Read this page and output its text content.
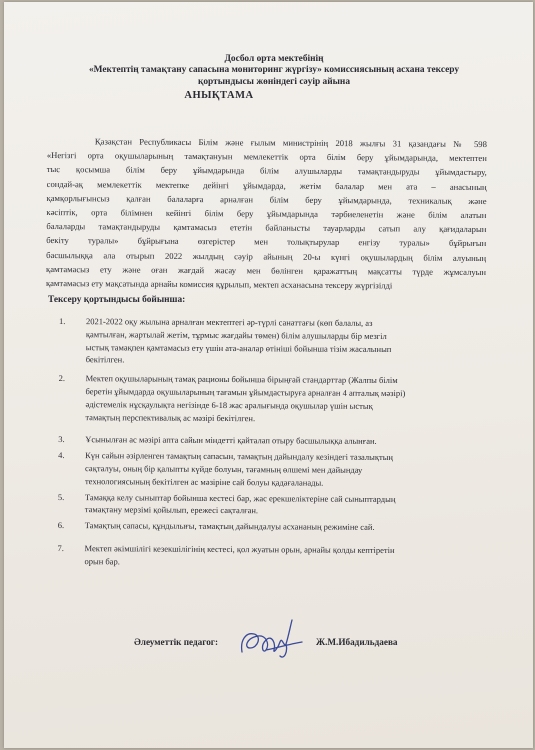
Досбол орта мектебінің
«Мектептің тамақтану сапасына мониторинг жүргізу» комиссиясының асхана тексеру
қортындысы жөніндегі сәуір айына
АНЫҚТАМА
Қазақстан Республикасы Білім және ғылым министрінің 2018 жылғы 31 қазандағы № 598
«Негізгі орта оқушыларының тамақтануын мемлекеттік орта білім беру ұйымдарында, мектептен
тыс қосымша білім беру ұйымдарында білім алушыларды тамақтандыруды ұйымдастыру,
сондай-ақ мемлекеттік мектепке дейінгі ұйымдарда, жетім балалар мен ата – анасының
қамқорлығынсыз қалған балаларға арналған білім беру ұйымдарында, техникалық және
кәсіптік, орта білімнен кейінгі білім беру ұйымдарында тәрбиеленетін және білім алатын
балаларды тамақтандыруды қамтамасыз ететін байланысты тауарларды сатып алу қағидаларын
бекіту туралы» бұйрығына өзгерістер мен толықтырулар енгізу туралы» бұйрығын
басшылыққа ала отырып 2022 жылдың сәуір айының 20-ы күнгі оқушылардың білім алуының
қамтамасыз ету және оған жағдай жасау мен бөлінген қаражаттың мақсатты түрде жұмсалуын
қамтамасыз ету мақсатында арнайы комиссия құрылып, мектеп асханасына тексеру жүргізілді
Тексеру қортындысы бойынша:
1. 2021-2022 оқу жылына арналған мектептегі әр-түрлі санаттағы (көп балалы, аз
қамтылған, жартылай жетім, тұрмыс жағдайы төмен) білім алушыларды бір мезгіл
ыстық тамақпен қамтамасыз ету үшін ата-аналар өтініші бойынша тізім жасалынып
бекітілген.
2. Мектеп оқушыларының тамақ рационы бойынша бірыңғай стандарттар (Жалпы білім
беретін ұйымдарда оқушыларының тағамын ұйымдастыруға арналған 4 апталық мәзірі)
әдістемелік нұсқаулықта негізінде 6-18 жас аралығында оқушылар үшін ыстық
тамақтың перспективалық ас мәзірі бекітілген.
3. Ұсынылған ас мәзірі апта сайын міндетті қайталап отыру басшылыққа алынған.
4. Күн сайын әзірленген тамақтың сапасын, тамақтың дайындалу кезіндегі тазалықтың
сақталуы, оның бір қалыпты күйде болуын, тағамның өлшемі мен дайындау
технологиясының бекітілген ас мәзіріне сай болуы қадағаланады.
5. Тамаққа келу сыныптар бойынша кестесі бар, жас ерекшеліктеріне сай сыныптардың
тамақтану мерзімі қойылып, ережесі сақталған.
6. Тамақтың сапасы, құндылығы, тамақтың дайындалуы асхананың режиміне сай.
7. Мектеп әкімшілігі кезекшілігінің кестесі, қол жуатын орын, арнайы қолды кептіретін
орын бар.
Әлеуметтік педагог:	Ж.М.Ибадильдаева
